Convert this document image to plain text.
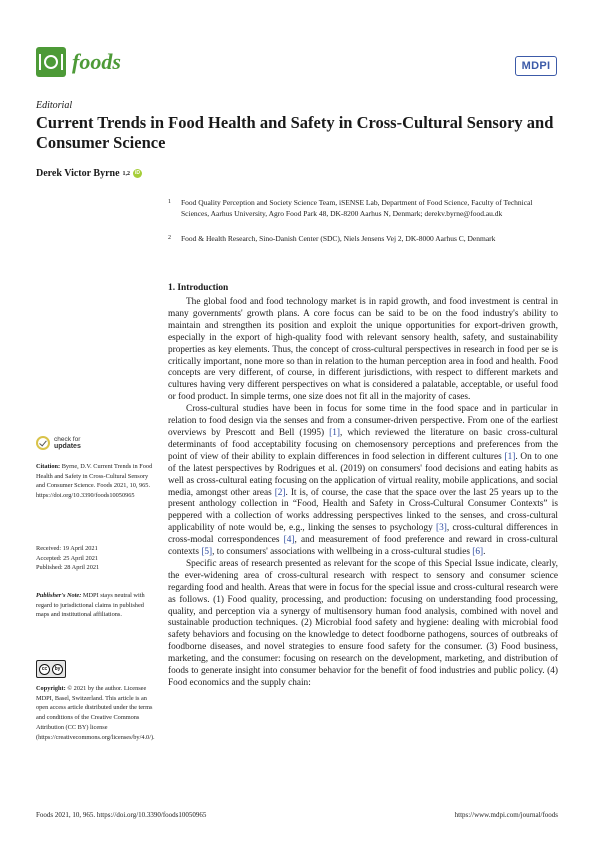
foods	MDPI
Editorial
Current Trends in Food Health and Safety in Cross-Cultural Sensory and Consumer Science
Derek Victor Byrne 1,2	iD
1 Food Quality Perception and Society Science Team, iSENSE Lab, Department of Food Science, Faculty of Technical Sciences, Aarhus University, Agro Food Park 48, DK-8200 Aarhus N, Denmark; derekv.byrne@food.au.dk
2 Food & Health Research, Sino-Danish Center (SDC), Niels Jensens Vej 2, DK-8000 Aarhus C, Denmark
1. Introduction

The global food and food technology market is in rapid growth, and food investment is central in many governments' growth plans. A core focus can be said to be on the food industry's ability to maintain and strengthen its position and exploit the unique opportunities for export-driven growth, especially in the export of high-quality food with relevant sensory health, safety, and sustainability properties as key elements. Thus, the concept of cross-cultural perspectives in research in food per se is critically important, none more so than in relation to the human perception area in food and health. Food concepts are very different, of course, in different jurisdictions, with respect to different markets and cultures having very different perspectives on what is considered a palatable, acceptable, or useful food or food product. In simple terms, one size does not fit all in the majority of cases.

Cross-cultural studies have been in focus for some time in the food space and in particular in relation to food design via the senses and from a consumer-driven perspective. From one of the earliest overviews by Prescott and Bell (1995) [1], which reviewed the literature on basic cross-cultural determinants of food acceptability focusing on chemosensory perceptions and preferences from the point of view of their ability to explain differences in food selection in different cultures [1]. On to one of the latest perspectives by Rodrigues et al. (2019) on consumers' food decisions and eating habits as well as cross-cultural eating focusing on the application of virtual reality, mobile applications, and social media, amongst other areas [2]. It is, of course, the case that the space over the last 25 years up to the present anthology collection in “Food, Health and Safety in Cross-Cultural Consumer Contexts” is peppered with a collection of works addressing perspectives linked to the senses, and cross-cultural applicability of note would be, e.g., linking the senses to psychology [3], cross-cultural differences in cross-modal correspondences [4], and measurement of food preference and reward in cross-cultural contexts [5], to consumers' associations with wellbeing in a cross-cultural studies [6].

Specific areas of research presented as relevant for the scope of this Special Issue indicate, clearly, the ever-widening area of cross-cultural research with respect to sensory and consumer science regarding food and health. Areas that were in focus for the special issue and cross-cultural research were as follows. (1) Food quality, processing, and production: focusing on understanding food processing, quality, and perception via a synergy of multisensory human food analysis, combined with novel and sustainable production techniques. (2) Microbial food safety and hygiene: dealing with microbial food safety behaviors and focusing on the knowledge to detect foodborne pathogens, sources of outbreaks of foodborne diseases, and novel strategies to ensure food safety for the consumer. (3) Food business, marketing, and the consumer: focusing on research on the development, marketing, and distribution of foods to generate insight into consumer behavior for the benefit of food industries and public policy. (4) Food economics and the supply chain:

check for
updates
Citation: Byrne, D.V. Current Trends in Food Health and Safety in Cross-Cultural Sensory and Consumer Science. Foods 2021, 10, 965. https://doi.org/10.3390/foods10050965
Received: 19 April 2021
Accepted: 25 April 2021
Published: 28 April 2021
Publisher's Note: MDPI stays neutral with regard to jurisdictional claims in published maps and institutional affiliations.
cc	by
Copyright: © 2021 by the author. Licensee MDPI, Basel, Switzerland. This article is an open access article distributed under the terms and conditions of the Creative Commons Attribution (CC BY) license (https://creativecommons.org/licenses/by/4.0/).
Foods 2021, 10, 965. https://doi.org/10.3390/foods10050965	https://www.mdpi.com/journal/foods
